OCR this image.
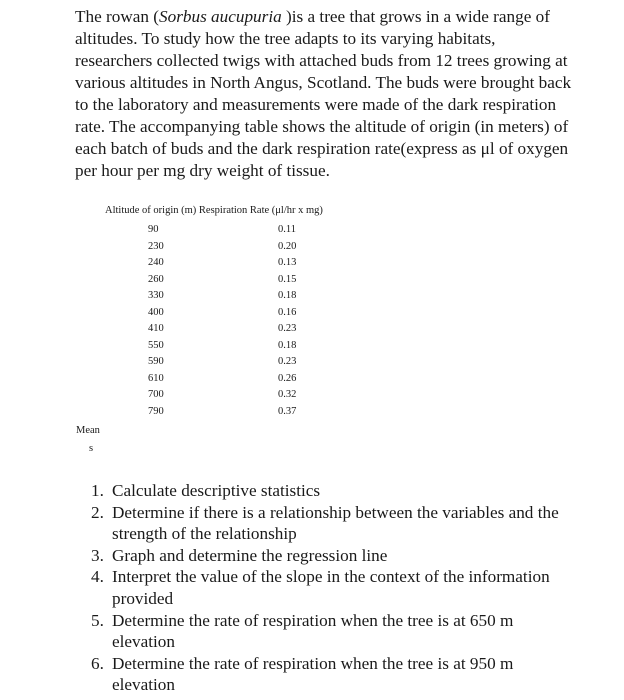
The rowan (Sorbus aucupuria )is a tree that grows in a wide range of altitudes. To study how the tree adapts to its varying habitats, researchers collected twigs with attached buds from 12 trees growing at various altitudes in North Angus, Scotland. The buds were brought back to the laboratory and measurements were made of the dark respiration rate. The accompanying table shows the altitude of origin (in meters) of each batch of buds and the dark respiration rate(express as μl of oxygen per hour per mg dry weight of tissue.

Altitude of origin (m) Respiration Rate (μl/hr x mg)
90	0.11
230	0.20
240	0.13
260	0.15
330	0.18
400	0.16
410	0.23
550	0.18
590	0.23
610	0.26
700	0.32
790	0.37
Mean
s
1. Calculate descriptive statistics
2. Determine if there is a relationship between the variables and the strength of the relationship
3. Graph and determine the regression line
4. Interpret the value of the slope in the context of the information provided
5. Determine the rate of respiration when the tree is at 650 m elevation
6. Determine the rate of respiration when the tree is at 950 m elevation
